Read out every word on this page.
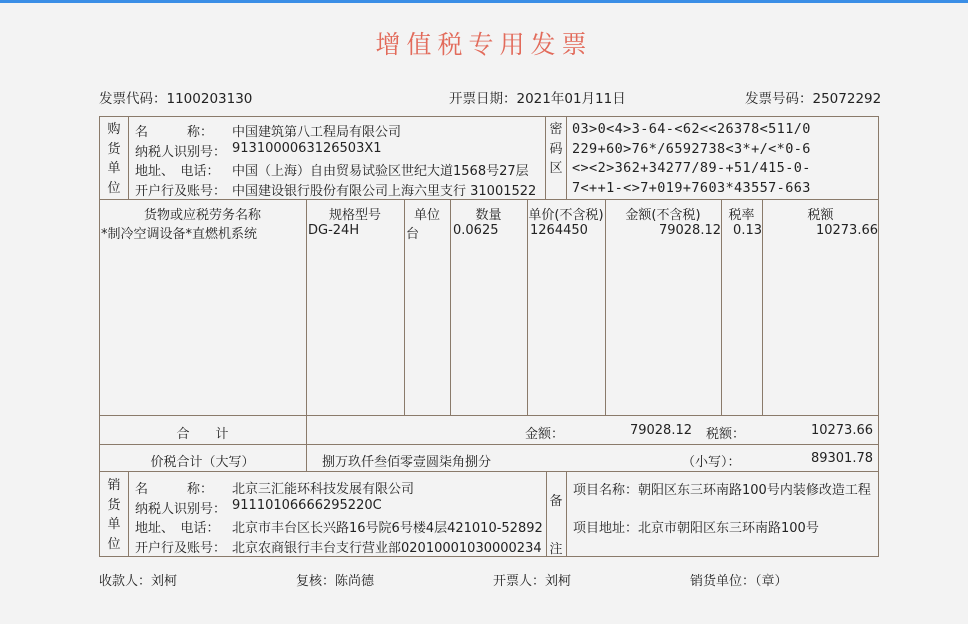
增值税专用发票
发票代码：1100203130	开票日期：2021年01月11日	发票号码：25072292
购货单位
名　　　称： 中国建筑第八工程局有限公司
纳税人识别号： 9131000063126503X1
地址、　电话： 中国（上海）自由贸易试验区世纪大道1568号27层
开户行及账号： 中国建设银行股份有限公司上海六里支行 31001522
密码区
03>0<4>3-64-<62<<26378<511/0
229+60>76*/6592738<3*+/<*0-6
<><2>362+34277/89-+51/415-0-
7<++1-<>7+019+7603*43557-663
货物或应税劳务名称	规格型号	单位	数量	单价(不含税)	金额(不含税)	税率	税额
*制冷空调设备*直燃机系统	DG-24H	台	0.0625 1264450	79028.12 0.13	10273.66
合　　计	金额：	79028.12 税额：	10273.66
价税合计（大写）	捌万玖仟叁佰零壹圆柒角捌分	（小写）：	89301.78
销货单位
名　　　称： 北京三汇能环科技发展有限公司
纳税人识别号： 91110106666295220C
地址、　电话： 北京市丰台区长兴路16号院6号楼4层421010-52892
开户行及账号： 北京农商银行丰台支行营业部02010001030000234
备注
项目名称：朝阳区东三环南路100号内装修改造工程
项目地址：北京市朝阳区东三环南路100号
收款人：刘柯	复核：陈尚德	开票人：刘柯	销货单位：（章）
